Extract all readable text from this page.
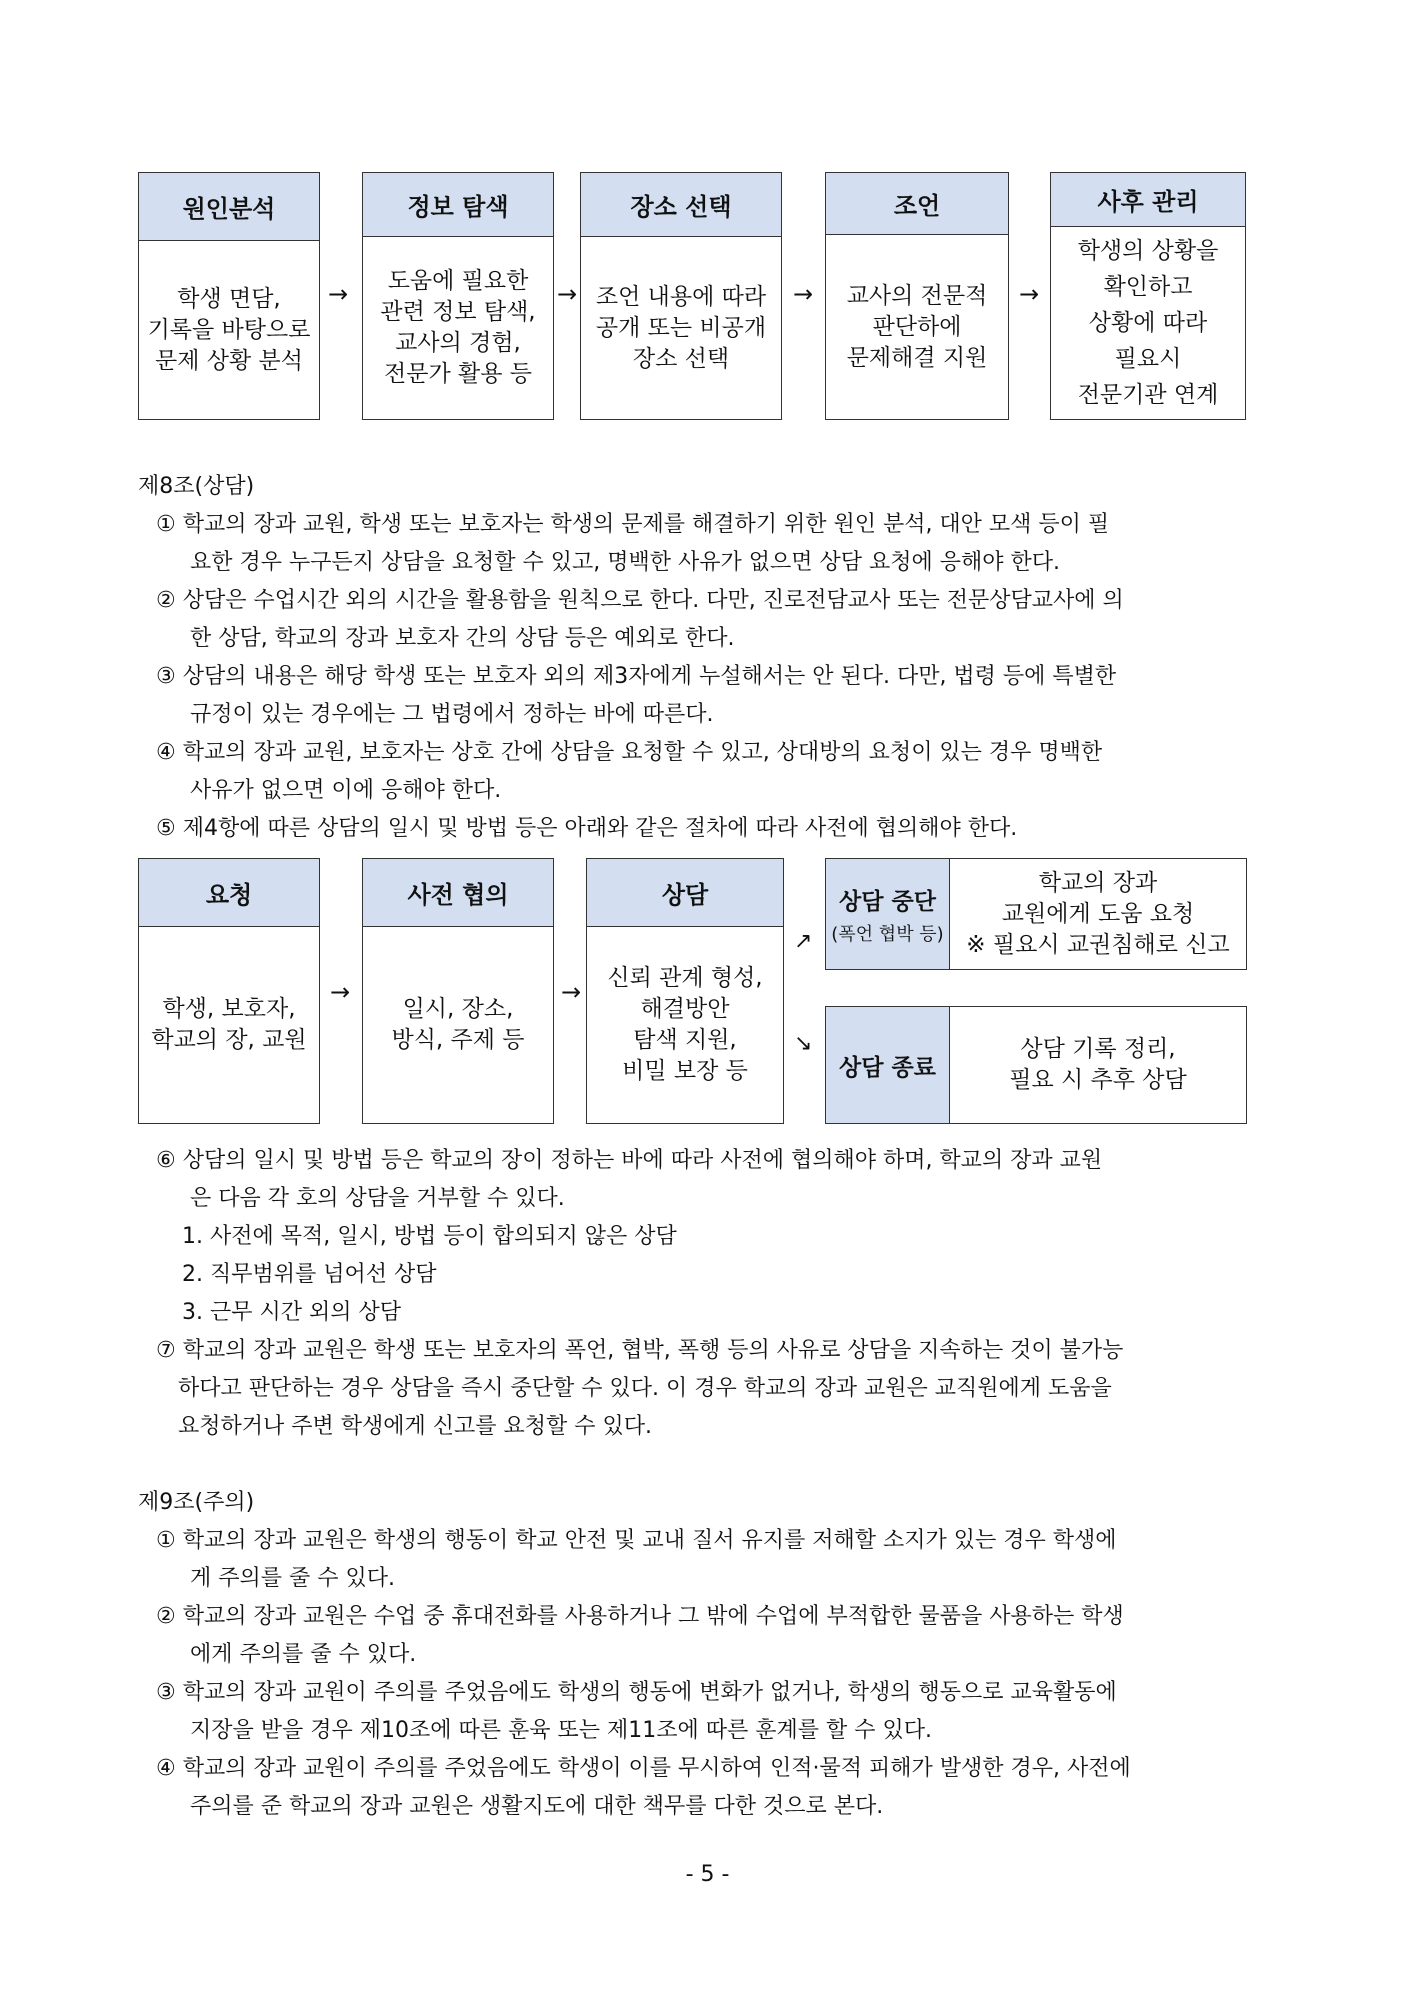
원인분석
학생 면담,
기록을 바탕으로
문제 상황 분석
→
정보 탐색
도움에 필요한
관련 정보 탐색,
교사의 경험,
전문가 활용 등
→
장소 선택
조언 내용에 따라
공개 또는 비공개
장소 선택
→
조언
교사의 전문적
판단하에
문제해결 지원
→
사후 관리
학생의 상황을
확인하고
상황에 따라
필요시
전문기관 연계
제8조(상담)
① 학교의 장과 교원, 학생 또는 보호자는 학생의 문제를 해결하기 위한 원인 분석, 대안 모색 등이 필
요한 경우 누구든지 상담을 요청할 수 있고, 명백한 사유가 없으면 상담 요청에 응해야 한다.
② 상담은 수업시간 외의 시간을 활용함을 원칙으로 한다. 다만, 진로전담교사 또는 전문상담교사에 의
한 상담, 학교의 장과 보호자 간의 상담 등은 예외로 한다.
③ 상담의 내용은 해당 학생 또는 보호자 외의 제3자에게 누설해서는 안 된다. 다만, 법령 등에 특별한
규정이 있는 경우에는 그 법령에서 정하는 바에 따른다.
④ 학교의 장과 교원, 보호자는 상호 간에 상담을 요청할 수 있고, 상대방의 요청이 있는 경우 명백한
사유가 없으면 이에 응해야 한다.
⑤ 제4항에 따른 상담의 일시 및 방법 등은 아래와 같은 절차에 따라 사전에 협의해야 한다.
요청
학생, 보호자,
학교의 장, 교원
→
사전 협의
일시, 장소,
방식, 주제 등
→
상담
신뢰 관계 형성,
해결방안
탐색 지원,
비밀 보장 등
↗
↘
상담 중단
(폭언 협박 등)
학교의 장과
교원에게 도움 요청
※ 필요시 교권침해로 신고
상담 종료
상담 기록 정리,
필요 시 추후 상담
⑥ 상담의 일시 및 방법 등은 학교의 장이 정하는 바에 따라 사전에 협의해야 하며, 학교의 장과 교원
은 다음 각 호의 상담을 거부할 수 있다.
1. 사전에 목적, 일시, 방법 등이 합의되지 않은 상담
2. 직무범위를 넘어선 상담
3. 근무 시간 외의 상담
⑦ 학교의 장과 교원은 학생 또는 보호자의 폭언, 협박, 폭행 등의 사유로 상담을 지속하는 것이 불가능
하다고 판단하는 경우 상담을 즉시 중단할 수 있다. 이 경우 학교의 장과 교원은 교직원에게 도움을
요청하거나 주변 학생에게 신고를 요청할 수 있다.
제9조(주의)
① 학교의 장과 교원은 학생의 행동이 학교 안전 및 교내 질서 유지를 저해할 소지가 있는 경우 학생에
게 주의를 줄 수 있다.
② 학교의 장과 교원은 수업 중 휴대전화를 사용하거나 그 밖에 수업에 부적합한 물품을 사용하는 학생
에게 주의를 줄 수 있다.
③ 학교의 장과 교원이 주의를 주었음에도 학생의 행동에 변화가 없거나, 학생의 행동으로 교육활동에
지장을 받을 경우 제10조에 따른 훈육 또는 제11조에 따른 훈계를 할 수 있다.
④ 학교의 장과 교원이 주의를 주었음에도 학생이 이를 무시하여 인적·물적 피해가 발생한 경우, 사전에
주의를 준 학교의 장과 교원은 생활지도에 대한 책무를 다한 것으로 본다.
- 5 -
